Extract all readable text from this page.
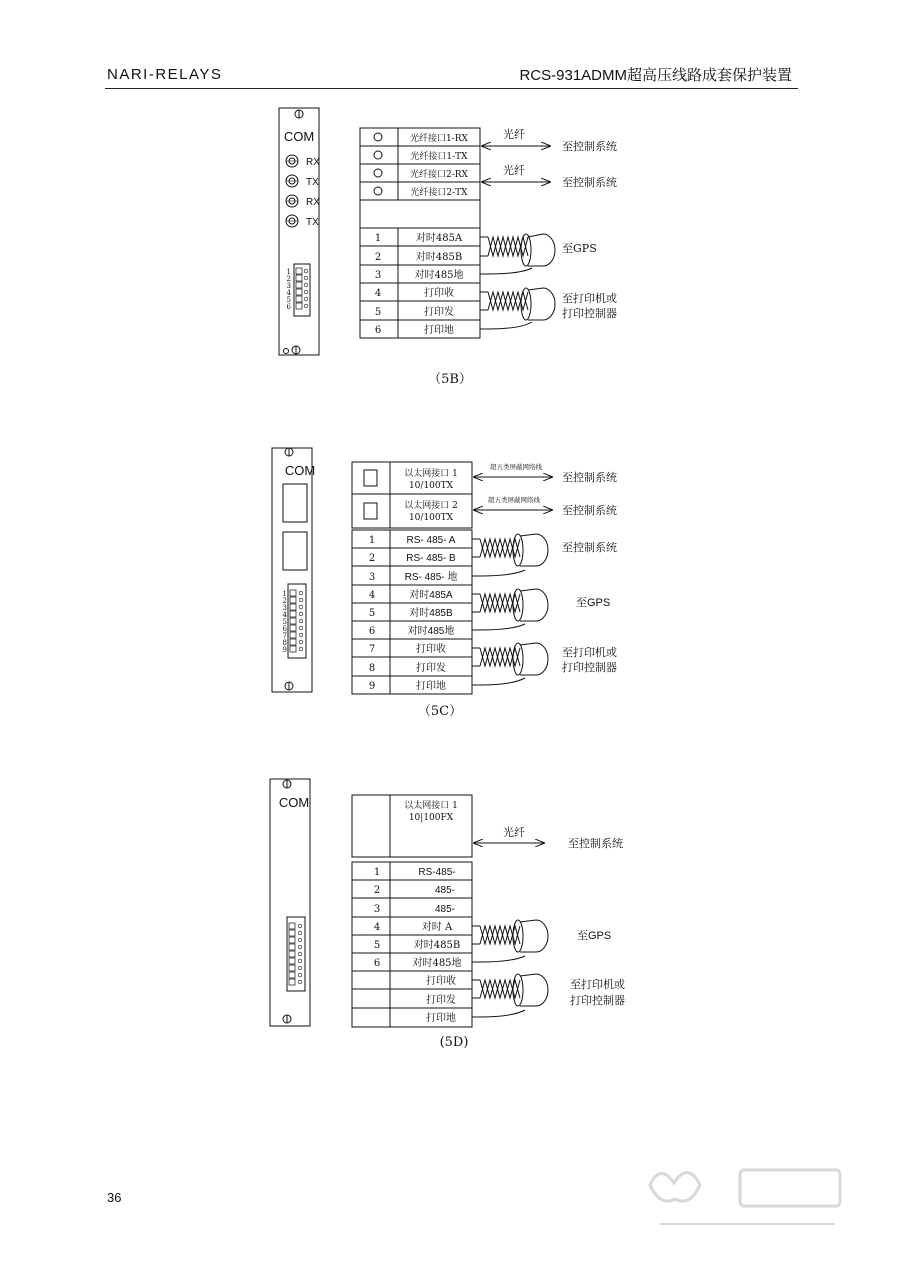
NARI-RELAYS	RCS-931ADMM超高压线路成套保护装置
COM
RX
TX
RX
TX
1
2
3
4
5
6
光纤接口1-RX
光纤接口1-TX
光纤接口2-RX
光纤接口2-TX
光纤
光纤
至控制系统
至控制系统
1
2
3
4
5
6
对时485A
对时485B
对时485地
打印收
打印发
打印地
至GPS
至打印机或
打印控制器
（5B）
COM
1
2
3
4
5
6
7
8
9
以太网接口 1
10/100TX
以太网接口 2
10/100TX
超五类屏蔽网络线
超五类屏蔽网络线
至控制系统
至控制系统
1
2
3
4
5
6
7
8
9
RS- 485- A
RS- 485- B
RS- 485- 地
对时485A
对时485B
对时485地
打印收
打印发
打印地
至控制系统
至GPS
至打印机或
打印控制器
（5C）
COM	以太网接口 1
10|100FX
光纤
至控制系统
1
2
3
4
5
6
RS-485-
485-
485-
对时 A
对时485B
对时485地
打印收
打印发
打印地
至GPS
至打印机或
打印控制器
(5D)
36
